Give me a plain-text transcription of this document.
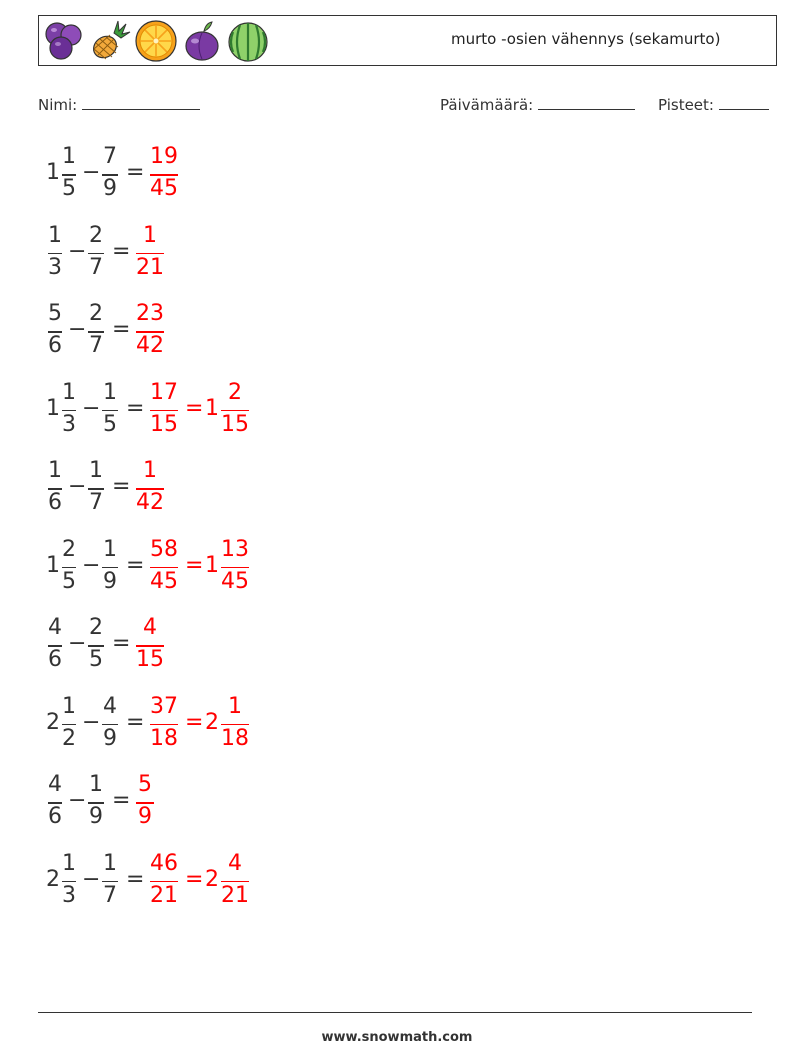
murto -osien vähennys (sekamurto)
Nimi:	Päivämäärä:	Pisteet:
1
1
5
−
7
9
=
19
45
1
3
−
2
7
=
1
21
5
6
−
2
7
=
23
42
1
1
3
−
1
5
=
17
15
= 1
2
15
1
6
−
1
7
=
1
42
1
2
5
−
1
9
=
58
45
= 1
13
45
4
6
−
2
5
=
4
15
2
1
2
−
4
9
=
37
18
= 2
1
18
4
6
−
1
9
=
5
9
2
1
3
−
1
7
=
46
21
= 2
4
21
www.snowmath.com
